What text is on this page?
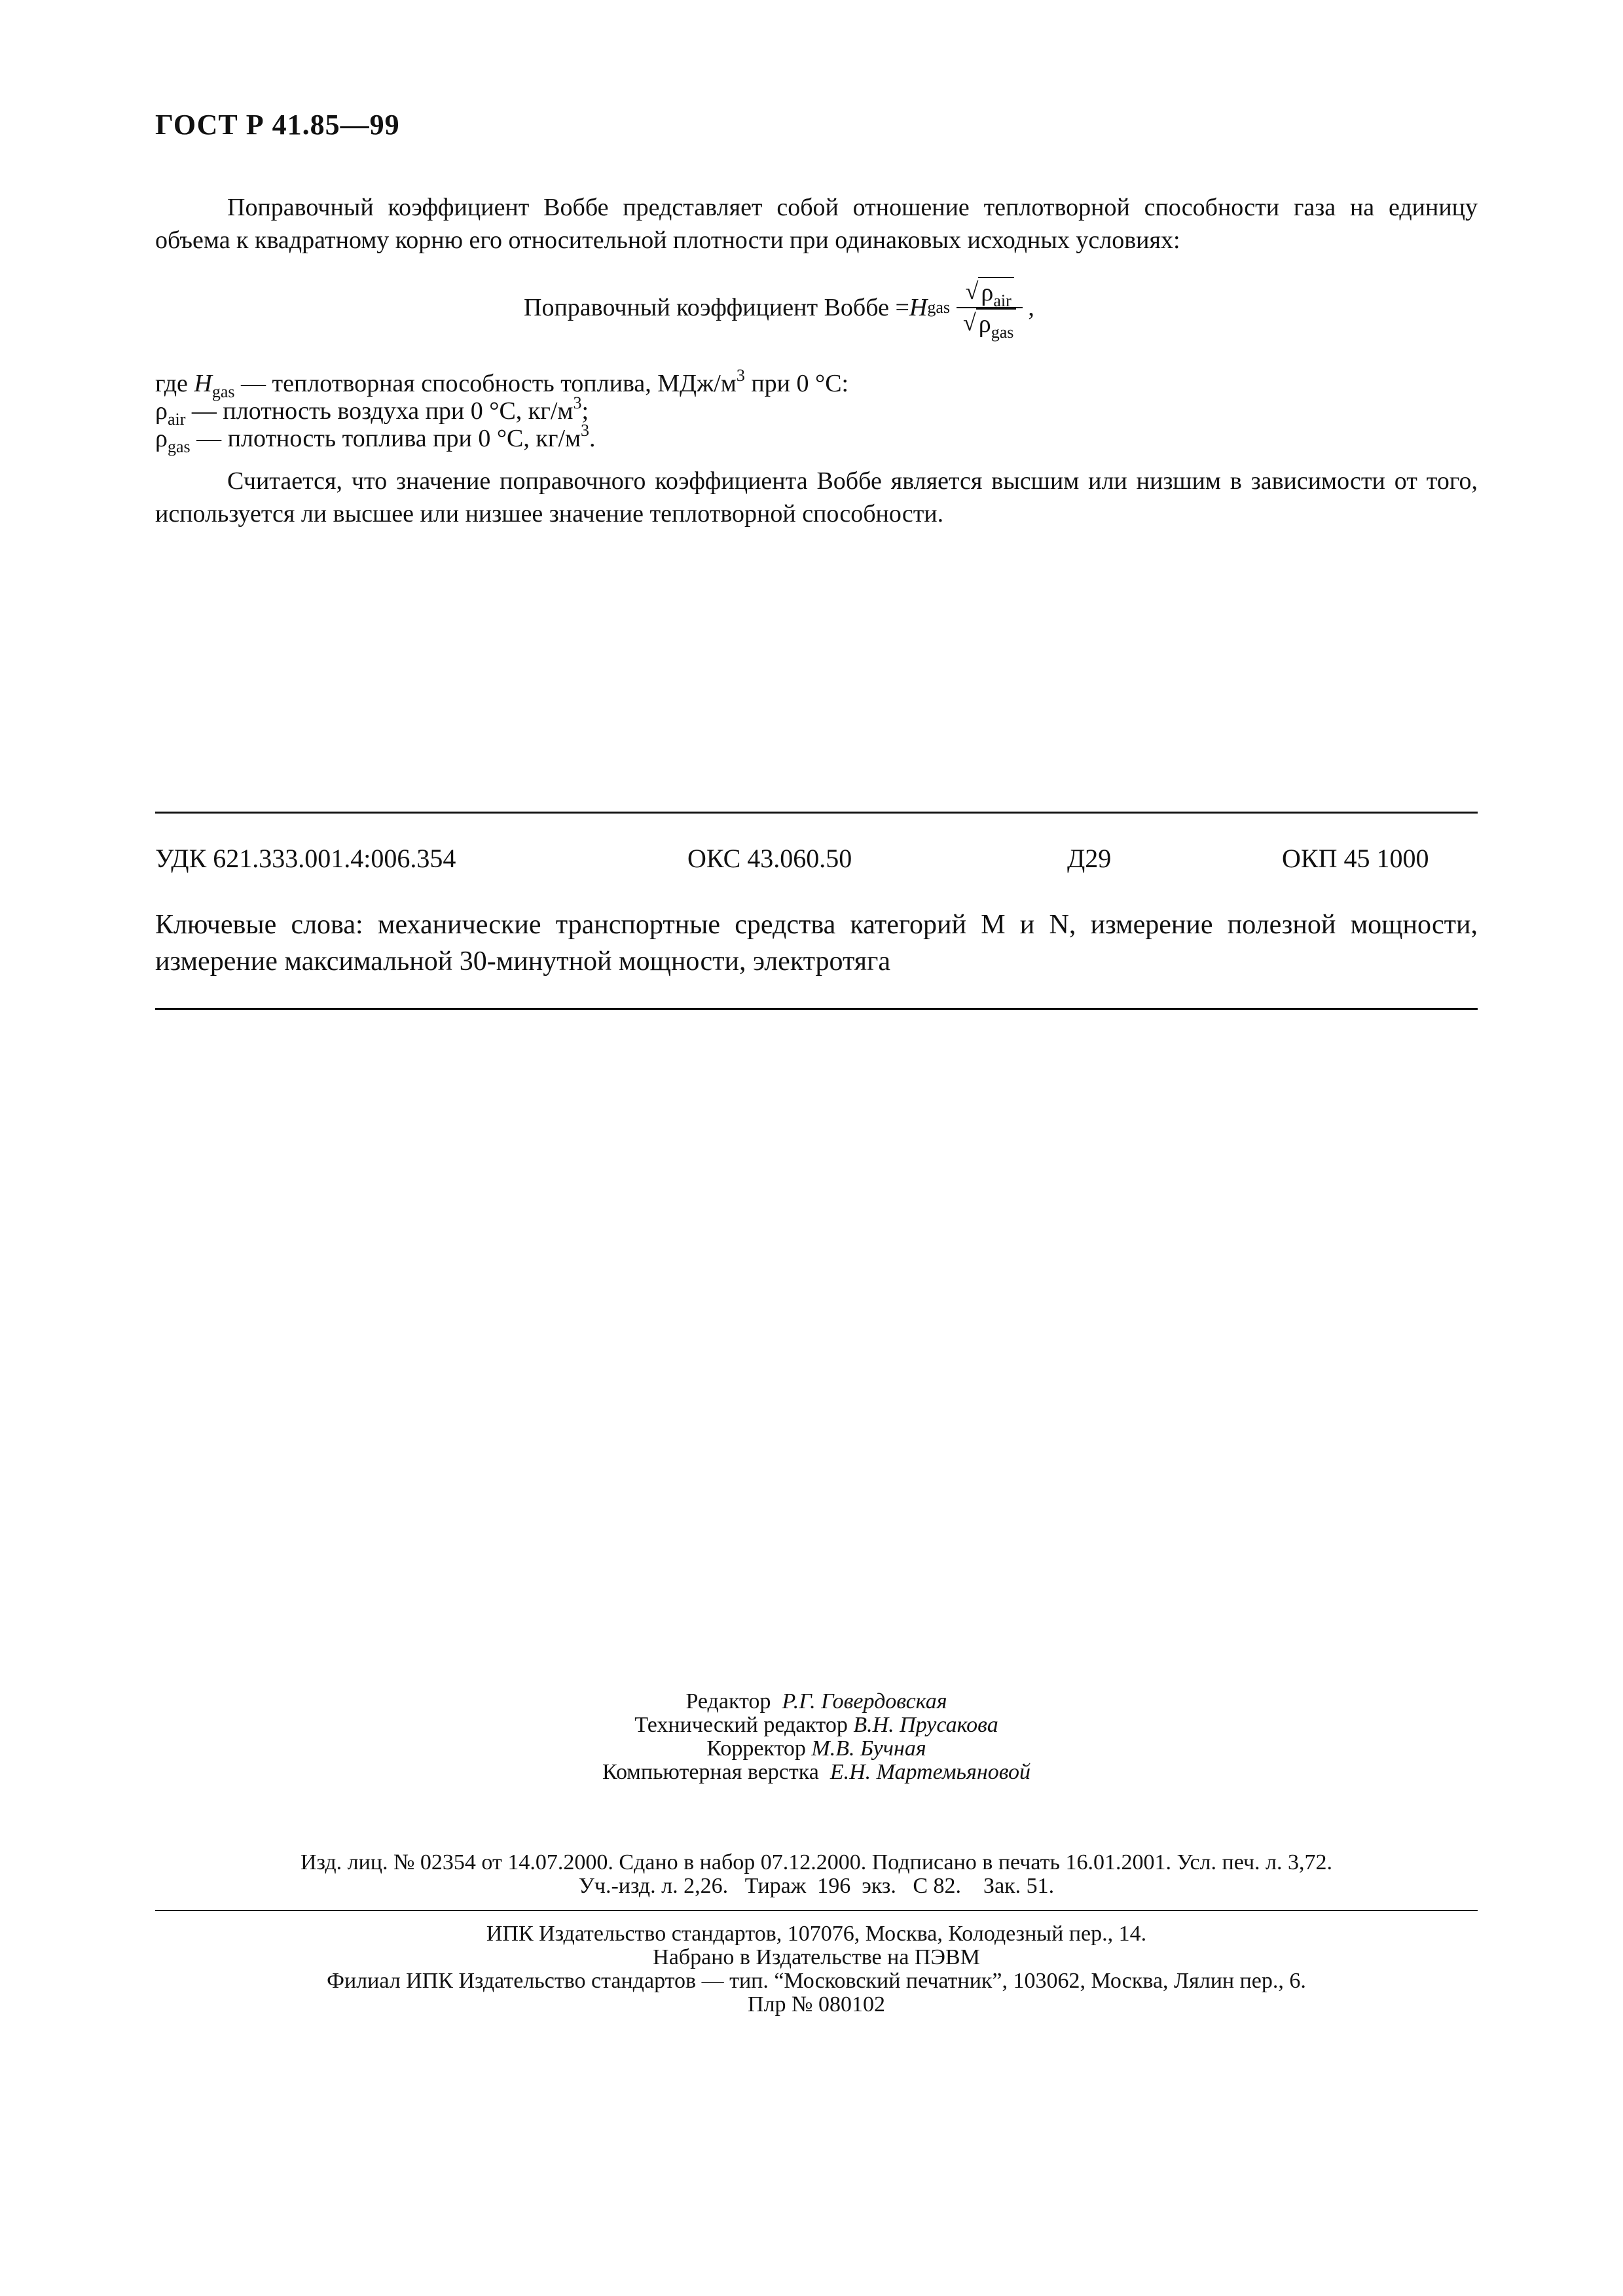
ГОСТ Р 41.85—99
Поправочный коэффициент Воббе представляет собой отношение теплотворной способности газа на единицу объема к квадратному корню его относительной плотности при одинаковых исходных условиях:
Поправочный коэффициент Воббе = H gas $\frac{√ \rho_{air}}{√ \rho_{gas}}$ ,
где $H_{gas}$ — теплотворная способность топлива, МДж/$м^3$ при 0 °С:
$\rho_{air}$ — плотность воздуха при 0 °С, $кг/м^3$;
$\rho_{gas}$ — плотность топлива при 0 °С, $кг/м^3$.
Считается, что значение поправочного коэффициента Воббе является высшим или низшим в зависимости от того, используется ли высшее или низшее значение теплотворной способности.
УДК 621.333.001.4:006.354	ОКС 43.060.50	Д29	ОКП 45 1000
Ключевые слова: механические транспортные средства категорий M и N, измерение полезной мощности, измерение максимальной 30-минутной мощности, электротяга
Редактор Р.Г. Говердовская
Технический редактор В.Н. Прусакова
Корректор М.В. Бучная
Компьютерная верстка Е.Н. Мартемьяновой
Изд. лиц. № 02354 от 14.07.2000. Сдано в набор 07.12.2000. Подписано в печать 16.01.2001. Усл. печ. л. 3,72.
Уч.-изд. л. 2,26.   Тираж  196  экз.   С 82.    Зак. 51.
ИПК Издательство стандартов, 107076, Москва, Колодезный пер., 14.
Набрано в Издательстве на ПЭВМ
Филиал ИПК Издательство стандартов — тип. “Московский печатник”, 103062, Москва, Лялин пер., 6.
Плр № 080102
